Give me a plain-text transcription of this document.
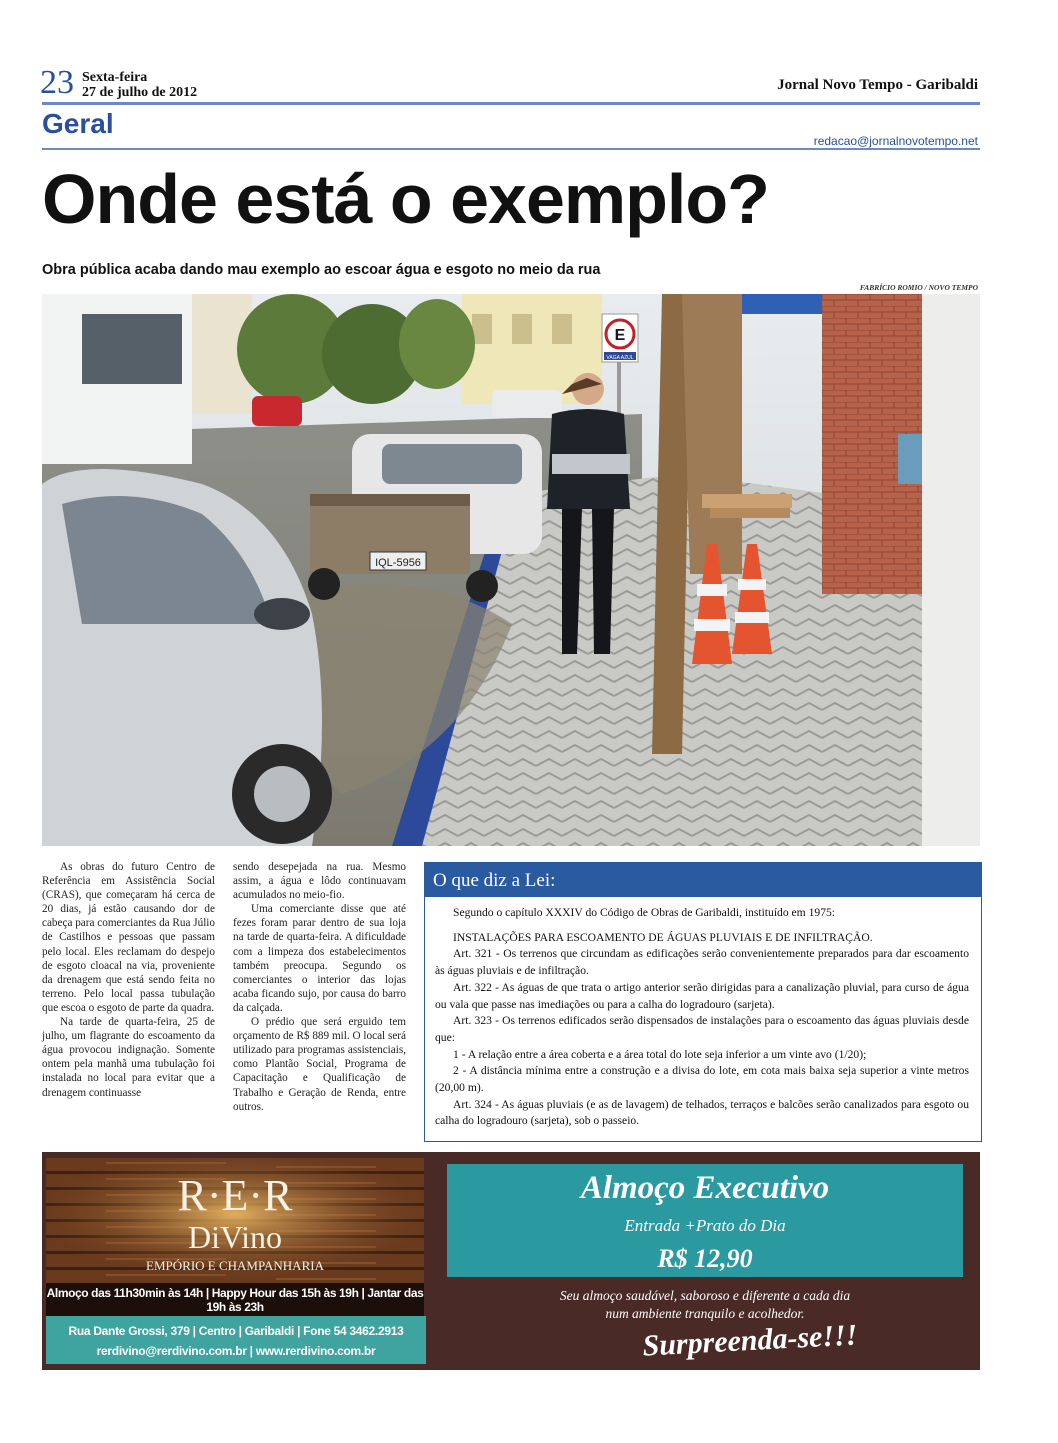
23 Sexta-feira
27 de julho de 2012	Jornal Novo Tempo - Garibaldi
Geral
redacao@jornalnovotempo.net
Onde está o exemplo?
Obra pública acaba dando mau exemplo ao escoar água e esgoto no meio da rua
FABRÍCIO ROMIO / NOVO TEMPO
IQL-5956
E
VAGA AZUL

As obras do futuro Centro de Referência em Assistência Social (CRAS), que começaram há cerca de 20 dias, já estão causando dor de cabeça para comerciantes da Rua Júlio de Castilhos e pessoas que passam pelo local. Eles reclamam do despejo de esgoto cloacal na via, proveniente da drenagem que está sendo feita no terreno. Pelo local passa tubulação que escoa o esgoto de parte da quadra.

Na tarde de quarta-feira, 25 de julho, um flagrante do escoamento da água provocou indignação. Somente ontem pela manhã uma tubulação foi instalada no local para evitar que a drenagem continuasse

sendo desepejada na rua. Mesmo assim, a água e lôdo continuavam acumulados no meio-fio.

Uma comerciante disse que até fezes foram parar dentro de sua loja na tarde de quarta-feira. A dificuldade com a limpeza dos estabelecimentos também preocupa. Segundo os comerciantes o interior das lojas acaba ficando sujo, por causa do barro da calçada.

O prédio que será erguido tem orçamento de R$ 889 mil. O local será utilizado para programas assistenciais, como Plantão Social, Programa de Capacitação e Qualificação de Trabalho e Geração de Renda, entre outros.

O que diz a Lei:

Segundo o capítulo XXXIV do Código de Obras de Garibaldi, instituído em 1975:

INSTALAÇÕES PARA ESCOAMENTO DE ÁGUAS PLUVIAIS E DE INFILTRAÇÃO.

Art. 321 - Os terrenos que circundam as edificações serão convenientemente preparados para dar escoamento às águas pluviais e de infiltração.

Art. 322 - As águas de que trata o artigo anterior serão dirigidas para a canalização pluvial, para curso de água ou vala que passe nas imediações ou para a calha do logradouro (sarjeta).

Art. 323 - Os terrenos edificados serão dispensados de instalações para o escoamento das águas pluviais desde que:

1 - A relação entre a área coberta e a área total do lote seja inferior a um vinte avo (1/20);

2 - A distância mínima entre a construção e a divisa do lote, em cota mais baixa seja superior a vinte metros (20,00 m).

Art. 324 - As águas pluviais (e as de lavagem) de telhados, terraços e balcões serão canalizados para esgoto ou calha do logradouro (sarjeta), sob o passeio.

R·E·R
DiVino
EMPÓRIO E CHAMPANHARIA
Almoço das 11h30min às 14h | Happy Hour das 15h às 19h | Jantar das 19h às 23h
Rua Dante Grossi, 379 | Centro | Garibaldi | Fone 54 3462.2913
rerdivino@rerdivino.com.br | www.rerdivino.com.br
Almoço Executivo
Entrada +Prato do Dia
R$ 12,90
Seu almoço saudável, saboroso e diferente a cada dia
num ambiente tranquilo e acolhedor.
Surpreenda-se!!!
